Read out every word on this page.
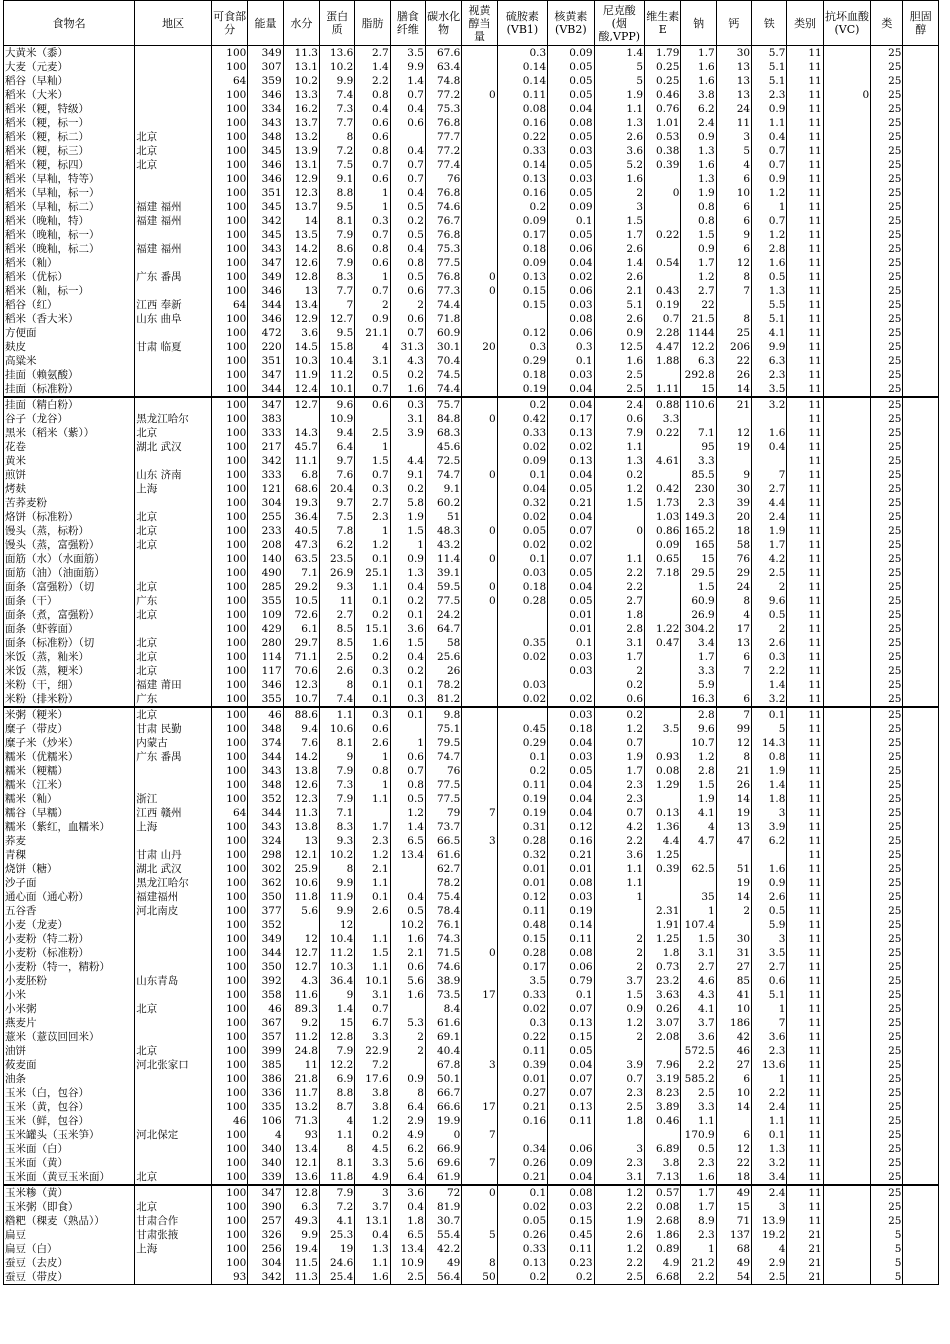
食物名	地区	可食部分	能量	水分	蛋白质	脂肪	膳食纤维	碳水化物	视黄醇当量	硫胺素(VB1)	核黄素(VB2)	尼克酸(烟酸,VPP)	维生素E	钠	钙	铁	类别	抗坏血酸(VC)	类	胆固醇
大黄米（黍）		100	349	11.3	13.6	2.7	3.5	67.6		0.3	0.09	1.4	1.79	1.7	30	5.7	11		25	
大麦（元麦）		100	307	13.1	10.2	1.4	9.9	63.4		0.14	0.05	5	0.25	1.6	13	5.1	11		25	
稻谷（早籼）		64	359	10.2	9.9	2.2	1.4	74.8		0.14	0.05	5	0.25	1.6	13	5.1	11		25	
稻米（大米）		100	346	13.3	7.4	0.8	0.7	77.2	0	0.11	0.05	1.9	0.46	3.8	13	2.3	11	0	25	
稻米（粳，特级）		100	334	16.2	7.3	0.4	0.4	75.3		0.08	0.04	1.1	0.76	6.2	24	0.9	11		25	
稻米（粳，标一）		100	343	13.7	7.7	0.6	0.6	76.8		0.16	0.08	1.3	1.01	2.4	11	1.1	11		25	
稻米（粳，标二）	北京	100	348	13.2	8	0.6		77.7		0.22	0.05	2.6	0.53	0.9	3	0.4	11		25	
稻米（粳，标三）	北京	100	345	13.9	7.2	0.8	0.4	77.2		0.33	0.03	3.6	0.38	1.3	5	0.7	11		25	
稻米（粳，标四）	北京	100	346	13.1	7.5	0.7	0.7	77.4		0.14	0.05	5.2	0.39	1.6	4	0.7	11		25	
稻米（早籼，特等）		100	346	12.9	9.1	0.6	0.7	76		0.13	0.03	1.6		1.3	6	0.9	11		25	
稻米（早籼，标一）		100	351	12.3	8.8	1	0.4	76.8		0.16	0.05	2	0	1.9	10	1.2	11		25	
稻米（早籼，标二）	福建 福州	100	345	13.7	9.5	1	0.5	74.6		0.2	0.09	3		0.8	6	1	11		25	
稻米（晚籼，特）	福建 福州	100	342	14	8.1	0.3	0.2	76.7		0.09	0.1	1.5		0.8	6	0.7	11		25	
稻米（晚籼，标一）		100	345	13.5	7.9	0.7	0.5	76.8		0.17	0.05	1.7	0.22	1.5	9	1.2	11		25	
稻米（晚籼，标二）	福建 福州	100	343	14.2	8.6	0.8	0.4	75.3		0.18	0.06	2.6		0.9	6	2.8	11		25	
稻米（籼）		100	347	12.6	7.9	0.6	0.8	77.5		0.09	0.04	1.4	0.54	1.7	12	1.6	11		25	
稻米（优标）	广东 番禺	100	349	12.8	8.3	1	0.5	76.8	0	0.13	0.02	2.6		1.2	8	0.5	11		25	
稻米（籼，标一）		100	346	13	7.7	0.7	0.6	77.3	0	0.15	0.06	2.1	0.43	2.7	7	1.3	11		25	
稻谷（红）	江西 奉新	64	344	13.4	7	2	2	74.4		0.15	0.03	5.1	0.19	22		5.5	11		25	
稻米（香大米）	山东 曲阜	100	346	12.9	12.7	0.9	0.6	71.8			0.08	2.6	0.7	21.5	8	5.1	11		25	
方便面		100	472	3.6	9.5	21.1	0.7	60.9		0.12	0.06	0.9	2.28	1144	25	4.1	11		25	
麸皮	甘肃 临夏	100	220	14.5	15.8	4	31.3	30.1	20	0.3	0.3	12.5	4.47	12.2	206	9.9	11		25	
高粱米		100	351	10.3	10.4	3.1	4.3	70.4		0.29	0.1	1.6	1.88	6.3	22	6.3	11		25	
挂面（赖氨酸）		100	347	11.9	11.2	0.5	0.2	74.5		0.18	0.03	2.5		292.8	26	2.3	11		25	
挂面（标准粉）		100	344	12.4	10.1	0.7	1.6	74.4		0.19	0.04	2.5	1.11	15	14	3.5	11		25	
挂面（精白粉）		100	347	12.7	9.6	0.6	0.3	75.7		0.2	0.04	2.4	0.88	110.6	21	3.2	11		25	
谷子（龙谷）	黑龙江哈尔	100	383		10.9		3.1	84.8	0	0.42	0.17	0.6	3.3				11		25	
黑米（稻米（紫））	北京	100	333	14.3	9.4	2.5	3.9	68.3		0.33	0.13	7.9	0.22	7.1	12	1.6	11		25	
花卷	湖北 武汉	100	217	45.7	6.4	1		45.6		0.02	0.02	1.1		95	19	0.4	11		25	
黄米		100	342	11.1	9.7	1.5	4.4	72.5		0.09	0.13	1.3	4.61	3.3			11		25	
煎饼	山东 济南	100	333	6.8	7.6	0.7	9.1	74.7	0	0.1	0.04	0.2		85.5	9	7	11		25	
烤麸	上海	100	121	68.6	20.4	0.3	0.2	9.1		0.04	0.05	1.2	0.42	230	30	2.7	11		25	
苦荞麦粉		100	304	19.3	9.7	2.7	5.8	60.2		0.32	0.21	1.5	1.73	2.3	39	4.4	11		25	
烙饼（标准粉）	北京	100	255	36.4	7.5	2.3	1.9	51		0.02	0.04		1.03	149.3	20	2.4	11		25	
馒头（蒸，标粉）	北京	100	233	40.5	7.8	1	1.5	48.3	0	0.05	0.07	0	0.86	165.2	18	1.9	11		25	
馒头（蒸，富强粉）	北京	100	208	47.3	6.2	1.2	1	43.2		0.02	0.02		0.09	165	58	1.7	11		25	
面筋（水）（水面筋）		100	140	63.5	23.5	0.1	0.9	11.4	0	0.1	0.07	1.1	0.65	15	76	4.2	11		25	
面筋（油）（油面筋）		100	490	7.1	26.9	25.1	1.3	39.1		0.03	0.05	2.2	7.18	29.5	29	2.5	11		25	
面条（富强粉）（切	北京	100	285	29.2	9.3	1.1	0.4	59.5	0	0.18	0.04	2.2		1.5	24	2	11		25	
面条（干）	广东	100	355	10.5	11	0.1	0.2	77.5	0	0.28	0.05	2.7		60.9	8	9.6	11		25	
面条（煮，富强粉）	北京	100	109	72.6	2.7	0.2	0.1	24.2			0.01	1.8		26.9	4	0.5	11		25	
面条（虾蓉面）		100	429	6.1	8.5	15.1	3.6	64.7			0.01	2.8	1.22	304.2	17	2	11		25	
面条（标准粉）（切	北京	100	280	29.7	8.5	1.6	1.5	58		0.35	0.1	3.1	0.47	3.4	13	2.6	11		25	
米饭（蒸，籼米）	北京	100	114	71.1	2.5	0.2	0.4	25.6		0.02	0.03	1.7		1.7	6	0.3	11		25	
米饭（蒸，粳米）	北京	100	117	70.6	2.6	0.3	0.2	26			0.03	2		3.3	7	2.2	11		25	
米粉（干，细）	福建 莆田	100	346	12.3	8	0.1	0.1	78.2		0.03		0.2		5.9		1.4	11		25	
米粉（排米粉）	广东	100	355	10.7	7.4	0.1	0.3	81.2		0.02	0.02	0.6		16.3	6	3.2	11		25	
米粥（粳米）	北京	100	46	88.6	1.1	0.3	0.1	9.8			0.03	0.2		2.8	7	0.1	11		25	
糜子（带皮）	甘肃 民勤	100	348	9.4	10.6	0.6		75.1		0.45	0.18	1.2	3.5	9.6	99	5	11		25	
糜子米（炒米）	内蒙古	100	374	7.6	8.1	2.6	1	79.5		0.29	0.04	0.7		10.7	12	14.3	11		25	
糯米（优糯米）	广东 番禺	100	344	14.2	9	1	0.6	74.7		0.1	0.03	1.9	0.93	1.2	8	0.8	11		25	
糯米（粳糯）		100	343	13.8	7.9	0.8	0.7	76		0.2	0.05	1.7	0.08	2.8	21	1.9	11		25	
糯米（江米）		100	348	12.6	7.3	1	0.8	77.5		0.11	0.04	2.3	1.29	1.5	26	1.4	11		25	
糯米（籼）	浙江	100	352	12.3	7.9	1.1	0.5	77.5		0.19	0.04	2.3		1.9	14	1.8	11		25	
糯谷（早糯）	江西 赣州	64	344	11.3	7.1		1.2	79	7	0.19	0.04	0.7	0.13	4.1	19	3	11		25	
糯米（紫红，血糯米）	上海	100	343	13.8	8.3	1.7	1.4	73.7		0.31	0.12	4.2	1.36	4	13	3.9	11		25	
荞麦		100	324	13	9.3	2.3	6.5	66.5	3	0.28	0.16	2.2	4.4	4.7	47	6.2	11		25	
青稞	甘肃 山丹	100	298	12.1	10.2	1.2	13.4	61.6		0.32	0.21	3.6	1.25				11		25	
烧饼（糖）	湖北 武汉	100	302	25.9	8	2.1		62.7		0.01	0.01	1.1	0.39	62.5	51	1.6	11		25	
沙子面	黑龙江哈尔	100	362	10.6	9.9	1.1		78.2		0.01	0.08	1.1			19	0.9	11		25	
通心面（通心粉）	福建福州	100	350	11.8	11.9	0.1	0.4	75.4		0.12	0.03	1		35	14	2.6	11		25	
五谷香	河北南皮	100	377	5.6	9.9	2.6	0.5	78.4		0.11	0.19		2.31	1	2	0.5	11		25	
小麦（龙麦）		100	352		12		10.2	76.1		0.48	0.14		1.91	107.4		5.9	11		25	
小麦粉（特二粉）		100	349	12	10.4	1.1	1.6	74.3		0.15	0.11	2	1.25	1.5	30	3	11		25	
小麦粉（标准粉）		100	344	12.7	11.2	1.5	2.1	71.5	0	0.28	0.08	2	1.8	3.1	31	3.5	11		25	
小麦粉（特一，精粉）		100	350	12.7	10.3	1.1	0.6	74.6		0.17	0.06	2	0.73	2.7	27	2.7	11		25	
小麦胚粉	山东青岛	100	392	4.3	36.4	10.1	5.6	38.9		3.5	0.79	3.7	23.2	4.6	85	0.6	11		25	
小米		100	358	11.6	9	3.1	1.6	73.5	17	0.33	0.1	1.5	3.63	4.3	41	5.1	11		25	
小米粥	北京	100	46	89.3	1.4	0.7		8.4		0.02	0.07	0.9	0.26	4.1	10	1	11		25	
燕麦片		100	367	9.2	15	6.7	5.3	61.6		0.3	0.13	1.2	3.07	3.7	186	7	11		25	
薏米（薏苡回回米）		100	357	11.2	12.8	3.3	2	69.1		0.22	0.15	2	2.08	3.6	42	3.6	11		25	
油饼	北京	100	399	24.8	7.9	22.9	2	40.4		0.11	0.05			572.5	46	2.3	11		25	
莜麦面	河北张家口	100	385	11	12.2	7.2		67.8	3	0.39	0.04	3.9	7.96	2.2	27	13.6	11		25	
油条		100	386	21.8	6.9	17.6	0.9	50.1		0.01	0.07	0.7	3.19	585.2	6	1	11		25	
玉米（白，包谷）		100	336	11.7	8.8	3.8	8	66.7		0.27	0.07	2.3	8.23	2.5	10	2.2	11		25	
玉米（黄，包谷）		100	335	13.2	8.7	3.8	6.4	66.6	17	0.21	0.13	2.5	3.89	3.3	14	2.4	11		25	
玉米（鲜，包谷）		46	106	71.3	4	1.2	2.9	19.9		0.16	0.11	1.8	0.46	1.1		1.1	11		25	
玉米罐头（玉米笋）	河北保定	100	4	93	1.1	0.2	4.9	0	7					170.9	6	0.1	11		25	
玉米面（白）		100	340	13.4	8	4.5	6.2	66.9		0.34	0.06	3	6.89	0.5	12	1.3	11		25	
玉米面（黄）		100	340	12.1	8.1	3.3	5.6	69.6	7	0.26	0.09	2.3	3.8	2.3	22	3.2	11		25	
玉米面（黄豆玉米面）	北京	100	339	13.6	11.8	4.9	6.4	61.9		0.21	0.04	3.1	7.13	1.6	18	3.4	11		25	
玉米糁（黄）		100	347	12.8	7.9	3	3.6	72	0	0.1	0.08	1.2	0.57	1.7	49	2.4	11		25	
玉米粥（即食）	北京	100	390	6.3	7.2	3.7	0.4	81.9		0.02	0.03	2.2	0.08	1.7	15	3	11		25	
糌粑（稞麦（熟品））	甘肃合作	100	257	49.3	4.1	13.1	1.8	30.7		0.05	0.15	1.9	2.68	8.9	71	13.9	11		25	
扁豆	甘肃张掖	100	326	9.9	25.3	0.4	6.5	55.4	5	0.26	0.45	2.6	1.86	2.3	137	19.2	21		5	
扁豆（白）	上海	100	256	19.4	19	1.3	13.4	42.2		0.33	0.11	1.2	0.89	1	68	4	21		5	
蚕豆（去皮）		100	304	11.5	24.6	1.1	10.9	49	8	0.13	0.23	2.2	4.9	21.2	49	2.9	21		5	
蚕豆（带皮）		93	342	11.3	25.4	1.6	2.5	56.4	50	0.2	0.2	2.5	6.68	2.2	54	2.5	21		5	
